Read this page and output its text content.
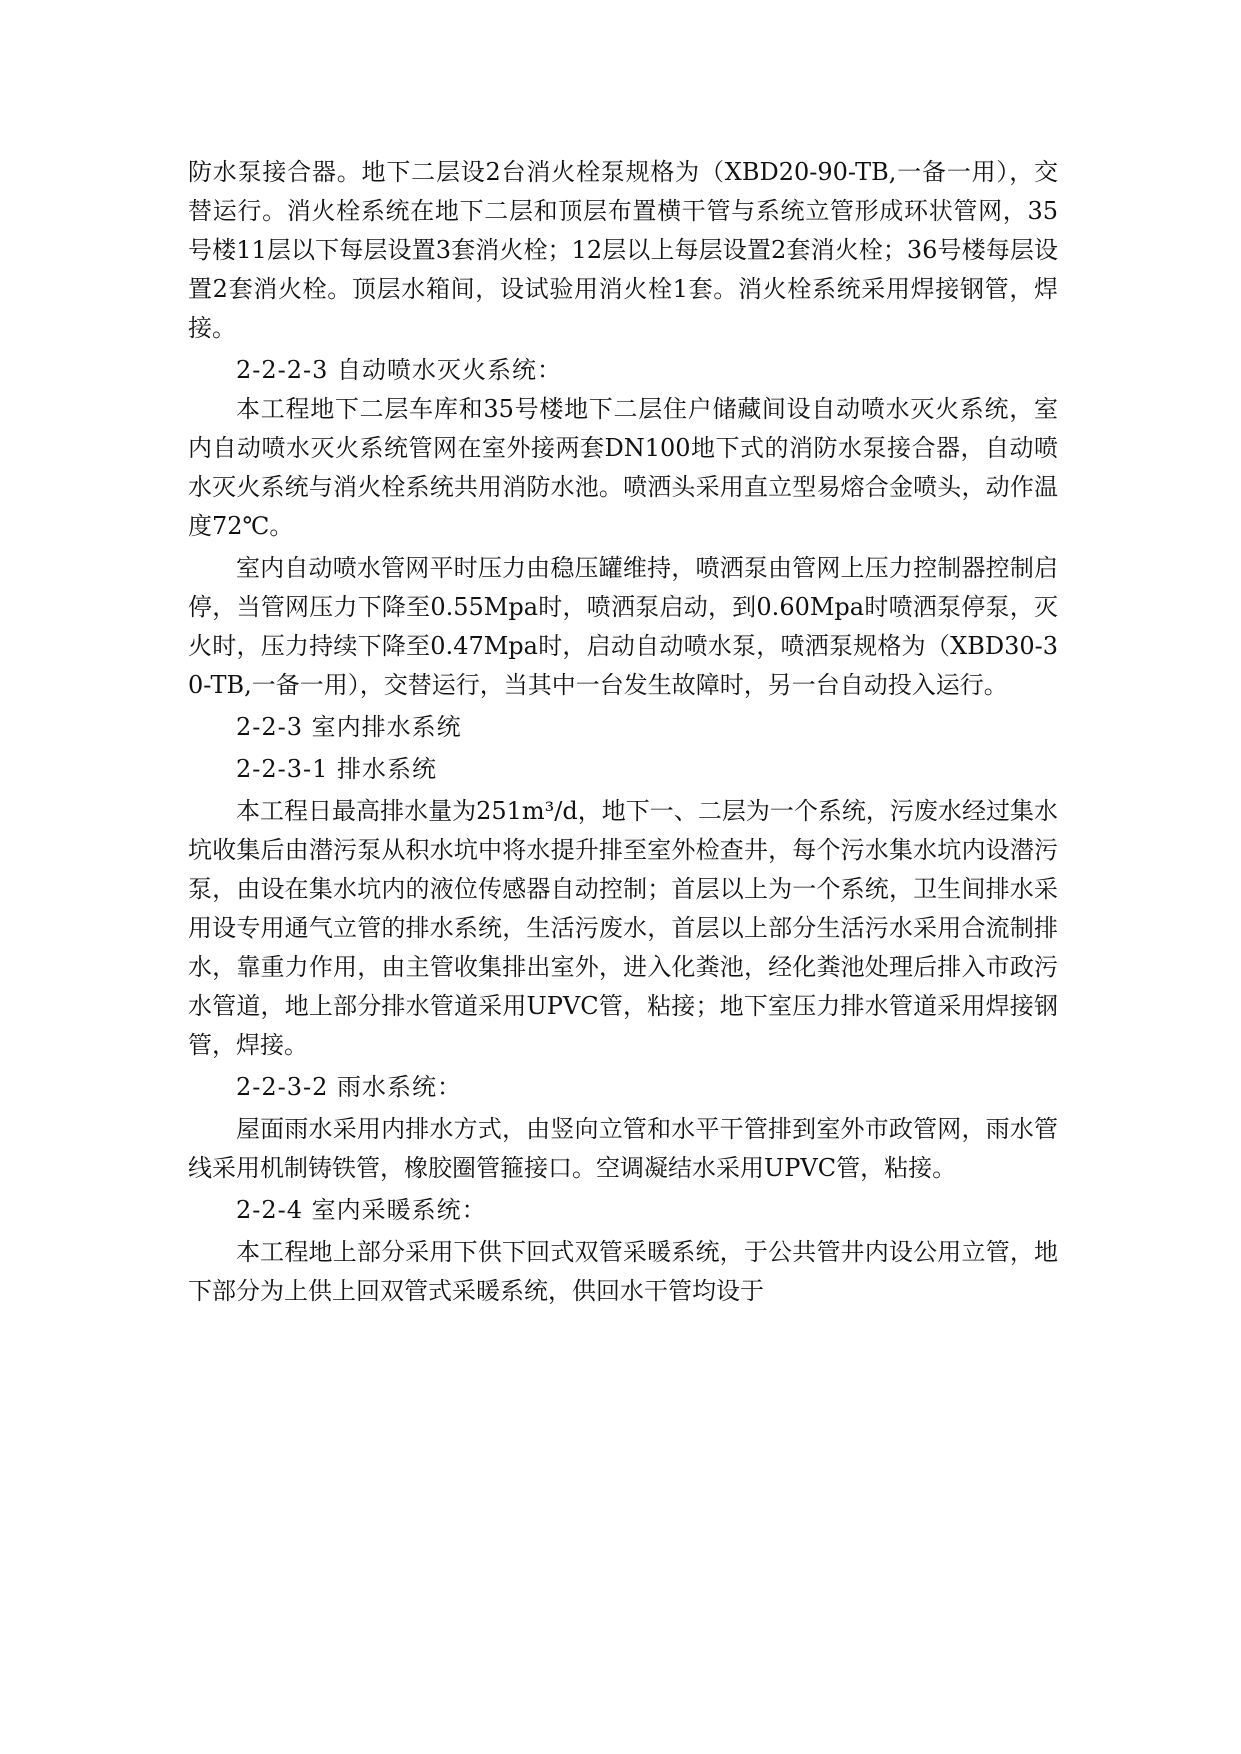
防水泵接合器。地下二层设2台消火栓泵规格为（XBD20-90-TB,一备一用），交替运行。消火栓系统在地下二层和顶层布置横干管与系统立管形成环状管网，35号楼11层以下每层设置3套消火栓；12层以上每层设置2套消火栓；36号楼每层设置2套消火栓。顶层水箱间，设试验用消火栓1套。消火栓系统采用焊接钢管，焊接。

2-2-2-3 自动喷水灭火系统：

本工程地下二层车库和35号楼地下二层住户储藏间设自动喷水灭火系统，室内自动喷水灭火系统管网在室外接两套DN100地下式的消防水泵接合器，自动喷水灭火系统与消火栓系统共用消防水池。喷洒头采用直立型易熔合金喷头，动作温度72℃。

室内自动喷水管网平时压力由稳压罐维持，喷洒泵由管网上压力控制器控制启停，当管网压力下降至0.55Mpa时，喷洒泵启动，到0.60Mpa时喷洒泵停泵，灭火时，压力持续下降至0.47Mpa时，启动自动喷水泵，喷洒泵规格为（XBD30-30-TB,一备一用），交替运行，当其中一台发生故障时，另一台自动投入运行。

2-2-3 室内排水系统

2-2-3-1 排水系统

本工程日最高排水量为251m³/d，地下一、二层为一个系统，污废水经过集水坑收集后由潜污泵从积水坑中将水提升排至室外检查井，每个污水集水坑内设潜污泵，由设在集水坑内的液位传感器自动控制；首层以上为一个系统，卫生间排水采用设专用通气立管的排水系统，生活污废水，首层以上部分生活污水采用合流制排水，靠重力作用，由主管收集排出室外，进入化粪池，经化粪池处理后排入市政污水管道，地上部分排水管道采用UPVC管，粘接；地下室压力排水管道采用焊接钢管，焊接。

2-2-3-2 雨水系统：

屋面雨水采用内排水方式，由竖向立管和水平干管排到室外市政管网，雨水管线采用机制铸铁管，橡胶圈管箍接口。空调凝结水采用UPVC管，粘接。

2-2-4 室内采暖系统：

本工程地上部分采用下供下回式双管采暖系统，于公共管井内设公用立管，地下部分为上供上回双管式采暖系统，供回水干管均设于
